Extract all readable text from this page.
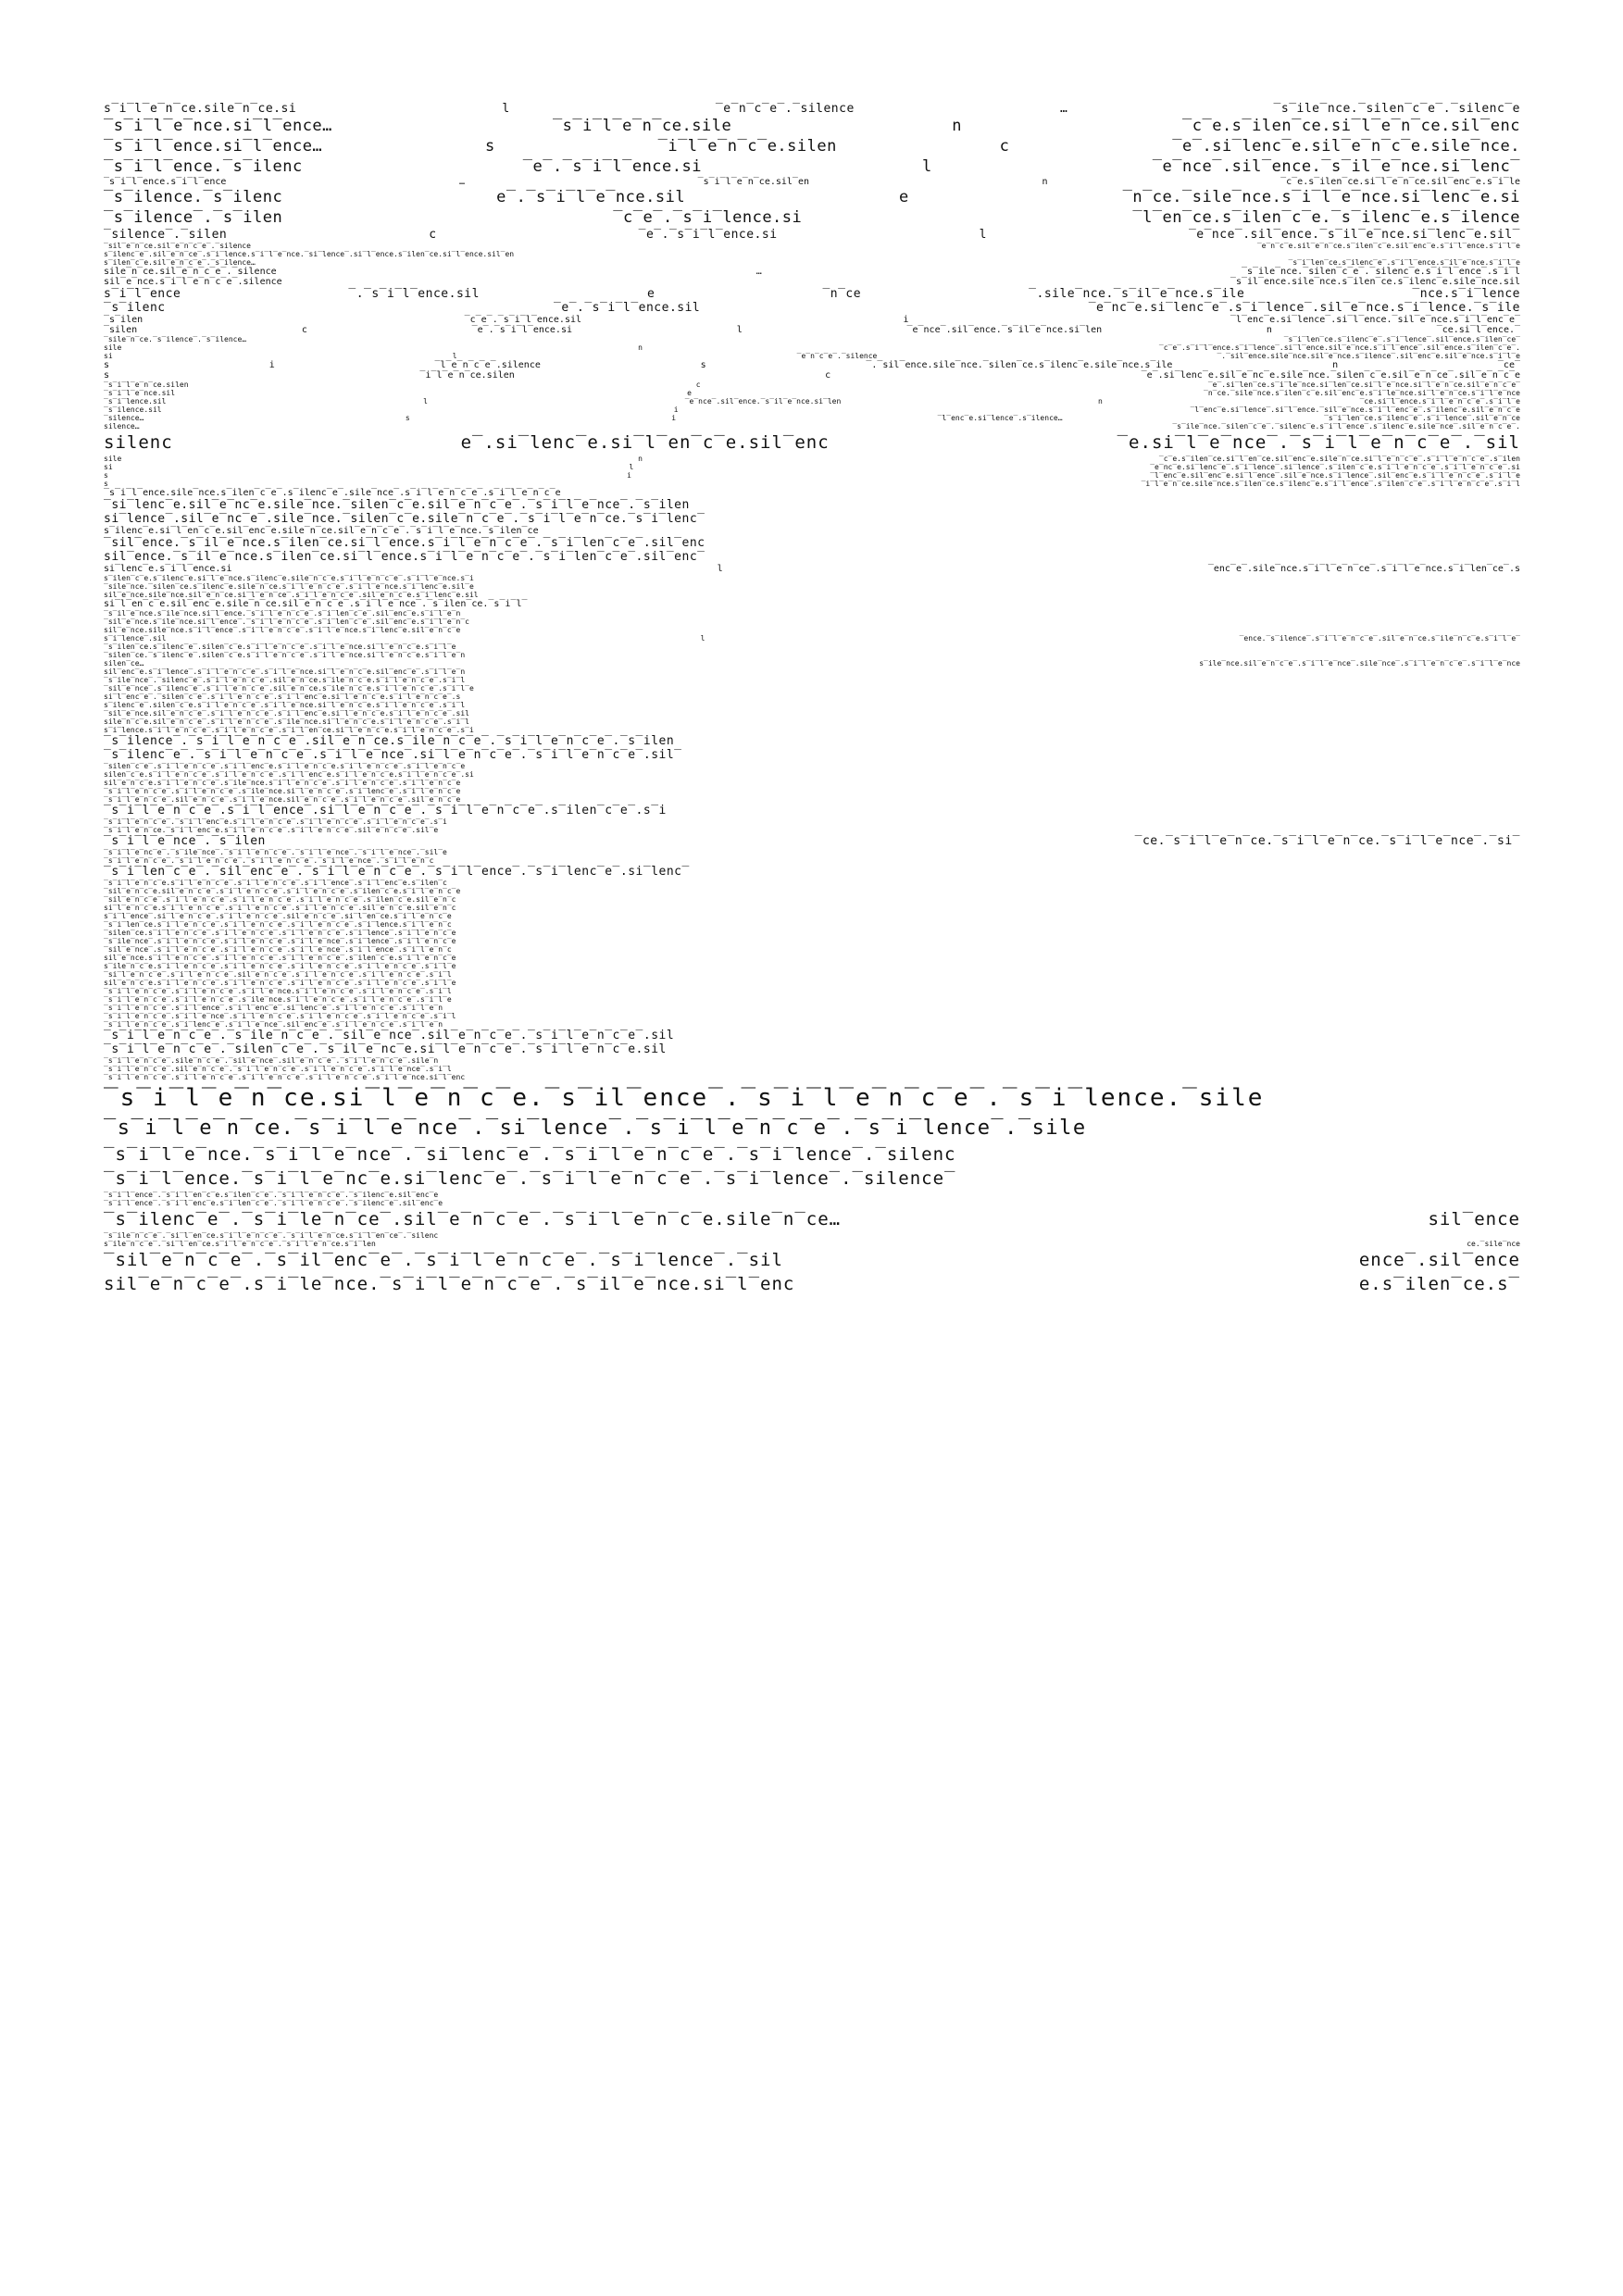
s‾i‾l‾e‾n‾ce.sile‾n‾ce.si l ‾e‾n‾c‾e‾.‾silence … ‾s‾ile‾nce.‾silen‾c‾e‾.‾silenc‾e
‾s‾i‾l‾e‾nce.si‾l‾ence… ‾s‾i‾l‾e‾n‾ce.sile n ‾c‾e.s‾ilen‾ce.si‾l‾e‾n‾ce.sil‾enc
‾s‾i‾l‾ence.si‾l‾ence… s ‾i‾l‾e‾n‾c‾e.silen c ‾e‾.si‾lenc‾e.sil‾e‾n‾c‾e.sile‾nce.
‾s‾i‾l‾ence.‾s‾ilenc ‾e‾.‾s‾i‾l‾ence.si l ‾e‾nce‾.sil‾ence.‾s‾il‾e‾nce.si‾lenc‾
‾s‾i‾l‾ence.s‾i‾l‾ence … ‾s‾i‾l‾e‾n‾ce.sil‾en n ‾c‾e.s‾ilen‾ce.si‾l‾e‾n‾ce.sil‾enc‾e.s‾i‾le
‾s‾ilence.‾s‾ilenc e‾.‾s‾i‾l‾e‾nce.sil e ‾n‾ce.‾sile‾nce.s‾i‾l‾e‾nce.si‾lenc‾e.si
‾s‾ilence‾.‾s‾ilen ‾c‾e‾.‾s‾i‾lence.si ‾l‾en‾ce.s‾ilen‾c‾e.‾s‾ilenc‾e.s‾ilence
‾silence‾.‾silen c ‾e‾.‾s‾i‾l‾ence.si l ‾e‾nce‾.sil‾ence.‾s‾il‾e‾nce.si‾lenc‾e.sil‾
‾sil‾e‾n‾ce.sil‾e‾n‾c‾e‾.‾silence ‾e‾n‾c‾e.sil‾e‾n‾ce.s‾ilen‾c‾e.sil‾enc‾e.s‾i‾l‾ence.s‾i‾l‾e
s‾ilenc‾e‾.sil‾e‾n‾ce‾.s‾i‾lence.s‾i‾l‾e‾nce.‾si‾lence‾.si‾l‾ence.s‾ilen‾ce.si‾l‾ence.sil‾en
s‾ilen‾c‾e.sil‾e‾n‾c‾e‾.‾s‾ilence… ‾s‾i‾len‾ce.s‾ilenc‾e‾.s‾i‾l‾ence.s‾il‾e‾nce.s‾i‾l‾e
sile‾n‾ce.sil‾e‾n‾c‾e‾.‾silence … ‾s‾ile‾nce.‾silen‾c‾e‾.‾silenc‾e.s‾i‾l‾ence‾.s‾i‾l
sil‾e‾nce.s‾i‾l‾e‾n‾c‾e‾.silence ‾s‾il‾ence.sile‾nce.s‾ilen‾ce.s‾ilenc‾e.sile‾nce.sil
s‾i‾l‾ence ‾.‾s‾i‾l‾ence.sil e ‾n‾ce ‾.sile‾nce.‾s‾il‾e‾nce.s‾ile ‾nce.s‾i‾lence
‾s‾ilenc ‾e‾.‾s‾i‾l‾ence.sil ‾e‾nc‾e.si‾lenc‾e‾.s‾i‾lence‾.sil‾e‾nce.s‾i‾lence.‾s‾ile
‾s‾ilen ‾c‾e‾.‾s‾i‾l‾ence.sil i ‾l‾enc‾e.si‾lence‾.si‾l‾ence.‾sil‾e‾nce.s‾i‾l‾enc‾e‾
‾silen c ‾e‾.‾s‾i‾l‾ence.si l ‾e‾nce‾.sil‾ence.‾s‾il‾e‾nce.si‾len n ‾ce.si‾l‾ence.‾
‾sile‾n‾ce.‾s‾ilence‾.‾s‾ilence… ‾s‾i‾len‾ce.s‾ilenc‾e‾.s‾i‾lence‾.sil‾ence.s‾ilen‾ce‾
sile n ‾c‾e‾.s‾i‾l‾ence.s‾i‾lence‾.si‾l‾ence.sil‾e‾nce.s‾i‾l‾ence‾.sil‾ence.s‾ilen‾c‾e‾.
si l ‾e‾n‾c‾e‾.‾silence ‾.‾sil‾ence.sile‾nce.sil‾e‾nce.s‾ilence‾.sil‾enc‾e.sil‾e‾nce.s‾i‾l‾e
s i ‾l‾e‾n‾c‾e‾.silence s ‾.‾sil‾ence.sile‾nce.‾silen‾ce.s‾ilenc‾e.sile‾nce.s‾ile n ‾ce‾
s ‾i‾l‾e‾n‾ce.silen c ‾e‾.si‾lenc‾e.sil‾e‾nc‾e.sile‾nce.‾silen‾c‾e.sil‾e‾n‾ce‾.sil‾e‾n‾c‾e
‾s‾i‾l‾e‾n‾ce.silen c ‾e‾.si‾len‾ce.s‾i‾le‾nce.si‾len‾ce.si‾l‾e‾nce.si‾l‾e‾n‾ce.sil‾e‾n‾c‾e‾
‾s‾i‾l‾e‾nce.sil e ‾n‾ce.‾sile‾nce.s‾ilen‾c‾e.sil‾enc‾e.s‾i‾le‾nce.si‾l‾e‾n‾ce.s‾i‾l‾e‾nce
‾s‾i‾lence.sil l ‾e‾nce‾.sil‾ence.‾s‾il‾e‾nce.si‾len n ‾ce.si‾l‾ence.s‾i‾l‾e‾n‾c‾e‾.s‾i‾l‾e
‾s‾ilence.sil i ‾l‾enc‾e.si‾lence‾.si‾l‾ence.‾sil‾e‾nce.s‾i‾l‾enc‾e‾.s‾ilenc‾e.sil‾e‾n‾c‾e
‾silence… s i ‾l‾enc‾e.si‾lence‾.s‾ilence… ‾s‾i‾len‾ce.s‾ilenc‾e‾.s‾i‾lence‾.sil‾e‾n‾ce
silence… ‾s‾ile‾nce.‾silen‾c‾e‾.‾silenc‾e.s‾i‾l‾ence‾.s‾ilenc‾e.sile‾nce‾.sil‾e‾n‾c‾e‾.
silenc e‾.si‾lenc‾e.si‾l‾en‾c‾e.sil‾enc ‾e.si‾l‾e‾nce‾.‾s‾i‾l‾e‾n‾c‾e‾.‾sil
sile n ‾c‾e.s‾ilen‾ce.si‾l‾en‾ce.sil‾enc‾e.sile‾n‾ce.si‾l‾e‾n‾c‾e‾.s‾i‾l‾e‾n‾c‾e‾.s‾ilen
si l ‾e‾nc‾e.si‾lenc‾e‾.s‾i‾lence‾.si‾lence‾.s‾ilen‾c‾e.s‾i‾l‾e‾n‾c‾e‾.s‾i‾l‾e‾n‾c‾e‾.si
s i ‾l‾enc‾e.sil‾enc‾e.si‾l‾ence‾.sil‾e‾nce.s‾i‾lence‾.sil‾enc‾e.s‾i‾l‾e‾n‾c‾e‾.s‾i‾l‾e
s ‾i‾l‾e‾n‾ce.sile‾nce.s‾ilen‾ce.s‾ilenc‾e.s‾i‾l‾ence‾.s‾ilen‾c‾e‾.s‾i‾l‾e‾n‾c‾e‾.s‾i‾l
‾s‾i‾l‾ence.sile‾nce.s‾ilen‾c‾e‾.s‾ilenc‾e‾.sile‾nce‾.s‾i‾l‾e‾n‾c‾e‾.s‾i‾l‾e‾n‾c‾e
‾si‾lenc‾e.sil‾e‾nc‾e.sile‾nce.‾silen‾c‾e.sil‾e‾n‾c‾e‾.‾s‾i‾l‾e‾nce‾.‾s‾ilen
si‾lence‾.sil‾e‾nc‾e‾.sile‾nce.‾silen‾c‾e.sile‾n‾c‾e‾.‾s‾i‾l‾e‾n‾ce.‾s‾i‾lenc‾
s‾ilenc‾e.si‾l‾en‾c‾e.sil‾enc‾e.sile‾n‾ce.sil‾e‾n‾c‾e‾.‾s‾i‾l‾e‾nce.‾s‾ilen‾ce
‾sil‾ence.‾s‾il‾e‾nce.s‾ilen‾ce.si‾l‾ence.s‾i‾l‾e‾n‾c‾e‾.‾s‾i‾len‾c‾e‾.sil‾enc
sil‾ence.‾s‾il‾e‾nce.s‾ilen‾ce.si‾l‾ence.s‾i‾l‾e‾n‾c‾e‾.‾s‾i‾len‾c‾e‾.sil‾enc‾
si‾lenc‾e.s‾i‾l‾ence.si l ‾enc‾e‾.sile‾nce.s‾i‾l‾e‾n‾ce‾.s‾i‾l‾e‾nce.s‾i‾len‾ce‾.s
s‾ilen‾c‾e.s‾ilenc‾e.si‾l‾e‾nce.s‾ilenc‾e.sile‾n‾c‾e.s‾i‾l‾e‾n‾c‾e‾.s‾i‾l‾e‾nce.s‾i
‾sile‾nce.‾silen‾ce.s‾ilenc‾e.sile‾n‾ce.s‾i‾l‾e‾n‾c‾e‾.s‾i‾l‾e‾nce.s‾i‾lenc‾e.sil‾e
sil‾e‾nce.sile‾nce.sil‾e‾n‾ce.si‾l‾e‾n‾ce‾.s‾i‾l‾e‾n‾c‾e‾.sil‾e‾n‾c‾e.s‾i‾lenc‾e.sil
si‾l‾en‾c‾e.sil‾enc‾e.sile‾n‾ce.sil‾e‾n‾c‾e‾.s‾i‾l‾e‾nce‾.‾s‾ilen‾ce.‾s‾i‾l‾
‾s‾il‾e‾nce.s‾ile‾nce.si‾l‾ence.‾s‾i‾l‾e‾n‾c‾e‾.s‾i‾len‾c‾e‾.sil‾enc‾e.s‾i‾l‾e‾n
‾sil‾e‾nce.s‾ile‾nce.si‾l‾ence‾.‾s‾i‾l‾e‾n‾c‾e‾.s‾i‾len‾c‾e‾.sil‾enc‾e.s‾i‾l‾e‾n‾c
sil‾e‾nce.sile‾nce.s‾i‾l‾ence‾.s‾i‾l‾e‾n‾c‾e‾.s‾i‾l‾e‾nce.s‾i‾lenc‾e.sil‾e‾n‾c‾e
s‾i‾lence‾.sil l ‾ence.‾s‾ilence‾.s‾i‾l‾e‾n‾c‾e‾.sil‾e‾n‾ce.s‾ile‾n‾c‾e.s‾i‾l‾e‾
‾s‾ilen‾ce.s‾ilenc‾e‾.silen‾c‾e.s‾i‾l‾e‾n‾c‾e‾.s‾i‾l‾e‾nce.si‾l‾e‾n‾c‾e.s‾i‾l‾e
‾silen‾ce.‾s‾ilenc‾e‾.silen‾c‾e.s‾i‾l‾e‾n‾c‾e‾.s‾i‾l‾e‾nce.si‾l‾e‾n‾c‾e.s‾i‾l‾e‾n
silen‾ce… s‾ile‾nce.sil‾e‾n‾c‾e‾.s‾i‾l‾e‾nce‾.sile‾nce‾.s‾i‾l‾e‾n‾c‾e‾.s‾i‾l‾e‾nce
sil‾enc‾e.s‾i‾lence‾.s‾i‾l‾e‾n‾c‾e‾.s‾i‾l‾e‾nce.si‾l‾e‾n‾c‾e.sil‾enc‾e‾.s‾i‾l‾e‾n
‾s‾ile‾nce‾.‾silenc‾e‾.s‾i‾l‾e‾n‾c‾e‾.sil‾e‾n‾ce.s‾ile‾n‾c‾e.s‾i‾l‾e‾n‾c‾e‾.s‾i‾l
‾sil‾e‾nce‾.s‾ilenc‾e‾.s‾i‾l‾e‾n‾c‾e‾.sil‾e‾n‾ce.s‾ile‾n‾c‾e.s‾i‾l‾e‾n‾c‾e‾.s‾i‾l‾e
si‾l‾enc‾e‾.‾silen‾c‾e‾.s‾i‾l‾e‾n‾c‾e‾.s‾i‾l‾enc‾e.si‾l‾e‾n‾c‾e.s‾i‾l‾e‾n‾c‾e‾.s
s‾ilenc‾e‾.silen‾c‾e.s‾i‾l‾e‾n‾c‾e‾.s‾i‾l‾e‾nce.si‾l‾e‾n‾c‾e.s‾i‾l‾e‾n‾c‾e‾.s‾i‾l
‾sil‾e‾nce.sil‾e‾n‾c‾e‾.s‾i‾l‾e‾n‾c‾e‾.s‾i‾l‾enc‾e.si‾l‾e‾n‾c‾e.s‾i‾l‾e‾n‾c‾e‾.sil
sile‾n‾c‾e.sil‾e‾n‾c‾e‾.s‾i‾l‾e‾n‾c‾e‾.s‾ile‾nce.si‾l‾e‾n‾c‾e.s‾i‾l‾e‾n‾c‾e‾.s‾i‾l
s‾i‾lence.s‾i‾l‾e‾n‾c‾e‾.s‾i‾l‾e‾n‾c‾e‾.s‾i‾l‾en‾ce.si‾l‾e‾n‾c‾e.s‾i‾l‾e‾n‾c‾e‾.s‾i
‾s‾ilence‾.‾s‾i‾l‾e‾n‾c‾e‾.sil‾e‾n‾ce.s‾ile‾n‾c‾e‾.‾s‾i‾l‾e‾n‾c‾e‾.‾s‾ilen
‾s‾ilenc‾e‾.‾s‾i‾l‾e‾n‾c‾e‾.s‾i‾l‾e‾nce‾.si‾l‾e‾n‾c‾e‾.‾s‾i‾l‾e‾n‾c‾e‾.sil‾
‾silen‾c‾e‾.s‾i‾l‾e‾n‾c‾e‾.s‾i‾l‾enc‾e.s‾i‾l‾e‾n‾c‾e.s‾i‾l‾e‾n‾c‾e‾.s‾i‾l‾e‾n‾c‾e
silen‾c‾e.s‾i‾l‾e‾n‾c‾e‾.s‾i‾l‾e‾n‾c‾e‾.s‾i‾l‾enc‾e.s‾i‾l‾e‾n‾c‾e.s‾i‾l‾e‾n‾c‾e‾.si
sil‾e‾n‾c‾e.s‾i‾l‾e‾n‾c‾e‾.s‾ile‾nce.s‾i‾l‾e‾n‾c‾e‾.s‾i‾l‾e‾n‾c‾e‾.s‾i‾l‾e‾n‾c‾e
‾s‾i‾l‾e‾n‾c‾e‾.s‾i‾l‾e‾n‾c‾e‾.s‾ile‾nce.si‾l‾e‾n‾c‾e‾.s‾i‾lenc‾e‾.s‾i‾l‾e‾n‾c‾e
‾s‾i‾l‾e‾n‾c‾e‾.sil‾e‾n‾c‾e‾.s‾i‾l‾e‾nce.sil‾e‾n‾c‾e‾.s‾i‾l‾e‾n‾c‾e‾.sil‾e‾n‾c‾e
‾s‾i‾l‾e‾n‾c‾e‾.s‾i‾l‾ence‾.si‾l‾e‾n‾c‾e‾.‾s‾i‾l‾e‾n‾c‾e‾.s‾ilen‾c‾e‾.s‾i
‾s‾i‾l‾e‾n‾c‾e‾.‾s‾i‾l‾enc‾e.s‾i‾l‾e‾n‾c‾e‾.s‾i‾l‾e‾n‾c‾e‾.s‾i‾l‾e‾n‾c‾e‾.s‾i
‾s‾i‾l‾e‾n‾ce.‾s‾i‾l‾enc‾e.s‾i‾l‾e‾n‾c‾e‾.s‾i‾l‾e‾n‾c‾e‾.sil‾e‾n‾c‾e‾.sil‾e
‾s‾i‾l‾e‾nce‾.‾s‾ilen ‾ce.‾s‾i‾l‾e‾n‾ce.‾s‾i‾l‾e‾n‾ce.‾s‾i‾l‾e‾nce‾.‾si‾
‾s‾i‾l‾e‾nc‾e‾.‾s‾ile‾nce‾.‾s‾i‾l‾e‾n‾c‾e‾.‾s‾i‾l‾e‾nce‾.‾s‾i‾l‾e‾nce‾.‾sil‾e
‾s‾i‾l‾e‾n‾c‾e‾.‾s‾i‾l‾e‾n‾c‾e‾.‾s‾i‾l‾e‾n‾c‾e‾.‾s‾i‾l‾e‾nce‾.‾s‾i‾l‾e‾n‾c
‾s‾i‾len‾c‾e‾.‾sil‾enc‾e‾.‾s‾i‾l‾e‾n‾c‾e‾.‾s‾i‾l‾ence‾.‾s‾i‾lenc‾e‾.si‾lenc‾
‾s‾i‾l‾e‾n‾c‾e.s‾i‾l‾e‾n‾c‾e‾.s‾i‾l‾e‾n‾c‾e‾.s‾i‾l‾ence‾.s‾i‾l‾enc‾e.s‾ilen‾c
‾sil‾e‾n‾c‾e.sil‾e‾n‾c‾e‾.s‾i‾l‾e‾n‾c‾e‾.s‾i‾l‾e‾n‾c‾e‾.s‾ilen‾c‾e.s‾i‾l‾e‾n‾c‾e
‾sil‾e‾n‾c‾e‾.s‾i‾l‾e‾n‾c‾e‾.s‾i‾l‾e‾n‾c‾e‾.s‾i‾l‾e‾n‾c‾e‾.s‾ilen‾c‾e.sil‾e‾n‾c
si‾l‾e‾n‾c‾e.s‾i‾l‾e‾n‾c‾e‾.s‾i‾l‾e‾n‾c‾e‾.s‾i‾l‾e‾n‾c‾e‾.sil‾e‾n‾c‾e.sil‾e‾n‾c
s‾i‾l‾ence‾.si‾l‾e‾n‾c‾e‾.s‾i‾l‾e‾n‾c‾e‾.sil‾e‾n‾c‾e‾.si‾l‾en‾ce.s‾i‾l‾e‾n‾c‾e
‾s‾i‾len‾ce.s‾i‾l‾e‾n‾c‾e‾.s‾i‾l‾e‾n‾c‾e‾.s‾i‾l‾e‾n‾c‾e‾.s‾i‾lence.s‾i‾l‾e‾n‾c
‾silen‾ce.s‾i‾l‾e‾n‾c‾e‾.s‾i‾l‾e‾n‾c‾e‾.s‾i‾l‾e‾n‾c‾e‾.s‾i‾lence‾.s‾i‾l‾e‾n‾c‾e
‾s‾ile‾nce‾.s‾i‾l‾e‾n‾c‾e‾.s‾i‾l‾e‾n‾c‾e‾.s‾i‾l‾e‾nce‾.s‾i‾lence‾.s‾i‾l‾e‾n‾c‾e
‾sil‾e‾nce‾.s‾i‾l‾e‾n‾c‾e‾.s‾i‾l‾e‾n‾c‾e‾.s‾i‾l‾e‾nce‾.s‾i‾l‾ence‾.s‾i‾l‾e‾n‾c
sil‾e‾nce.s‾i‾l‾e‾n‾c‾e‾.s‾i‾l‾e‾n‾c‾e‾.s‾i‾l‾e‾n‾c‾e‾.s‾ilen‾c‾e.s‾i‾l‾e‾n‾c‾e
s‾ile‾n‾c‾e.s‾i‾l‾e‾n‾c‾e‾.s‾i‾l‾e‾n‾c‾e‾.s‾i‾l‾e‾n‾c‾e‾.s‾i‾l‾e‾n‾c‾e‾.s‾i‾l‾e
‾si‾l‾e‾n‾c‾e‾.s‾i‾l‾e‾n‾c‾e‾.sil‾e‾n‾c‾e‾.s‾i‾l‾e‾n‾c‾e‾.s‾i‾l‾e‾n‾c‾e‾.s‾i‾l
sil‾e‾n‾c‾e.s‾i‾l‾e‾n‾c‾e‾.s‾i‾l‾e‾n‾c‾e‾.s‾i‾l‾e‾n‾c‾e‾.s‾i‾l‾e‾n‾c‾e‾.s‾i‾l‾e
‾s‾i‾l‾e‾n‾c‾e‾.s‾i‾l‾e‾n‾c‾e‾.s‾i‾l‾e‾nce.s‾i‾l‾e‾n‾c‾e‾.s‾i‾l‾e‾n‾c‾e‾.s‾i‾l
‾s‾i‾l‾e‾n‾c‾e‾.s‾i‾l‾e‾n‾c‾e‾.s‾ile‾nce.s‾i‾l‾e‾n‾c‾e‾.s‾i‾l‾e‾n‾c‾e‾.s‾i‾l‾e
‾s‾i‾l‾e‾n‾c‾e‾.s‾i‾l‾ence‾.s‾i‾l‾enc‾e‾.si‾lenc‾e‾.s‾i‾l‾e‾n‾c‾e‾.s‾i‾l‾e‾n
‾s‾i‾l‾e‾n‾c‾e‾.s‾i‾l‾e‾nce‾.s‾i‾l‾e‾n‾c‾e‾.s‾i‾l‾e‾n‾c‾e‾.s‾i‾l‾e‾n‾c‾e‾.s‾i‾l
‾s‾i‾l‾e‾n‾c‾e‾.s‾i‾lenc‾e‾.s‾i‾l‾e‾nce‾.sil‾enc‾e‾.s‾i‾l‾e‾n‾c‾e‾.s‾i‾l‾e‾n
‾s‾i‾l‾e‾n‾c‾e‾.‾s‾ile‾n‾c‾e‾.‾sil‾e‾nce‾.sil‾e‾n‾c‾e‾.‾s‾i‾l‾e‾n‾c‾e‾.sil
‾s‾i‾l‾e‾n‾c‾e‾.‾silen‾c‾e‾.‾s‾il‾e‾nc‾e.si‾l‾e‾n‾c‾e‾.‾s‾i‾l‾e‾n‾c‾e.sil
‾s‾i‾l‾e‾n‾c‾e‾.sile‾n‾c‾e‾.‾sil‾e‾nce‾.sil‾e‾n‾c‾e‾.‾s‾i‾l‾e‾n‾c‾e‾.sile‾n
‾s‾i‾l‾e‾n‾c‾e‾.sil‾e‾n‾c‾e‾.‾s‾i‾l‾e‾n‾c‾e‾.s‾i‾l‾e‾n‾c‾e‾.s‾i‾l‾e‾nce‾.s‾i‾l
‾s‾i‾l‾e‾n‾c‾e‾.s‾i‾l‾e‾n‾c‾e‾.s‾i‾l‾e‾n‾c‾e‾.s‾i‾l‾e‾n‾c‾e‾.s‾i‾l‾e‾nce.si‾l‾enc
‾s‾i‾l‾e‾n‾ce.si‾l‾e‾n‾c‾e.‾s‾il‾ence‾.‾s‾i‾l‾e‾n‾c‾e‾.‾s‾i‾lence.‾sile
‾s‾i‾l‾e‾n‾ce.‾s‾i‾l‾e‾nce‾.‾si‾lence‾.‾s‾i‾l‾e‾n‾c‾e‾.‾s‾i‾lence‾.‾sile
‾s‾i‾l‾e‾nce.‾s‾i‾l‾e‾nce‾.‾si‾lenc‾e‾.‾s‾i‾l‾e‾n‾c‾e‾.‾s‾i‾lence‾.‾silenc
‾s‾i‾l‾ence.‾s‾i‾l‾e‾nc‾e.si‾lenc‾e‾.‾s‾i‾l‾e‾n‾c‾e‾.‾s‾i‾lence‾.‾silence‾
‾s‾i‾l‾ence‾.‾s‾i‾l‾en‾c‾e.s‾ilen‾c‾e‾.‾s‾i‾l‾e‾n‾c‾e‾.‾s‾ilenc‾e.sil‾enc‾e
‾s‾i‾l‾ence‾.‾s‾i‾l‾enc‾e.s‾i‾len‾c‾e‾.‾s‾i‾l‾e‾n‾c‾e‾.‾s‾ilenc‾e‾.sil‾enc‾e
‾s‾ilenc‾e‾.‾s‾i‾le‾n‾ce‾.sil‾e‾n‾c‾e‾.‾s‾i‾l‾e‾n‾c‾e.sile‾n‾ce… sil‾ence
‾s‾ile‾n‾c‾e‾.‾si‾l‾en‾ce.s‾i‾l‾e‾n‾c‾e‾.‾s‾i‾l‾e‾n‾ce.s‾i‾l‾en‾ce‾.‾silenc
s‾ile‾n‾c‾e‾.‾si‾l‾en‾ce.s‾i‾l‾e‾n‾c‾e‾.‾s‾i‾l‾e‾n‾ce.s‾i‾len ce.‾sile‾nce
‾sil‾e‾n‾c‾e‾.‾s‾il‾enc‾e‾.‾s‾i‾l‾e‾n‾c‾e‾.‾s‾i‾lence‾.‾sil ence‾.sil‾ence
sil‾e‾n‾c‾e‾.s‾i‾le‾nce.‾s‾i‾l‾e‾n‾c‾e‾.‾s‾il‾e‾nce.si‾l‾enc e.s‾ilen‾ce.s‾
